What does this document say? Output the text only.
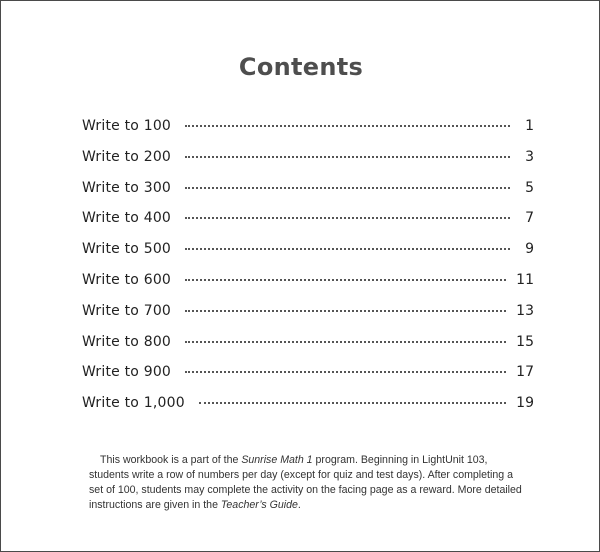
Contents
Write to 100	1
Write to 200	3
Write to 300	5
Write to 400	7
Write to 500	9
Write to 600	11
Write to 700	13
Write to 800	15
Write to 900	17
Write to 1,000	19

This workbook is a part of the Sunrise Math 1 program. Beginning in LightUnit 103, students write a row of numbers per day (except for quiz and test days). After completing a set of 100, students may complete the activity on the facing page as a reward. More detailed instructions are given in the Teacher’s Guide.
